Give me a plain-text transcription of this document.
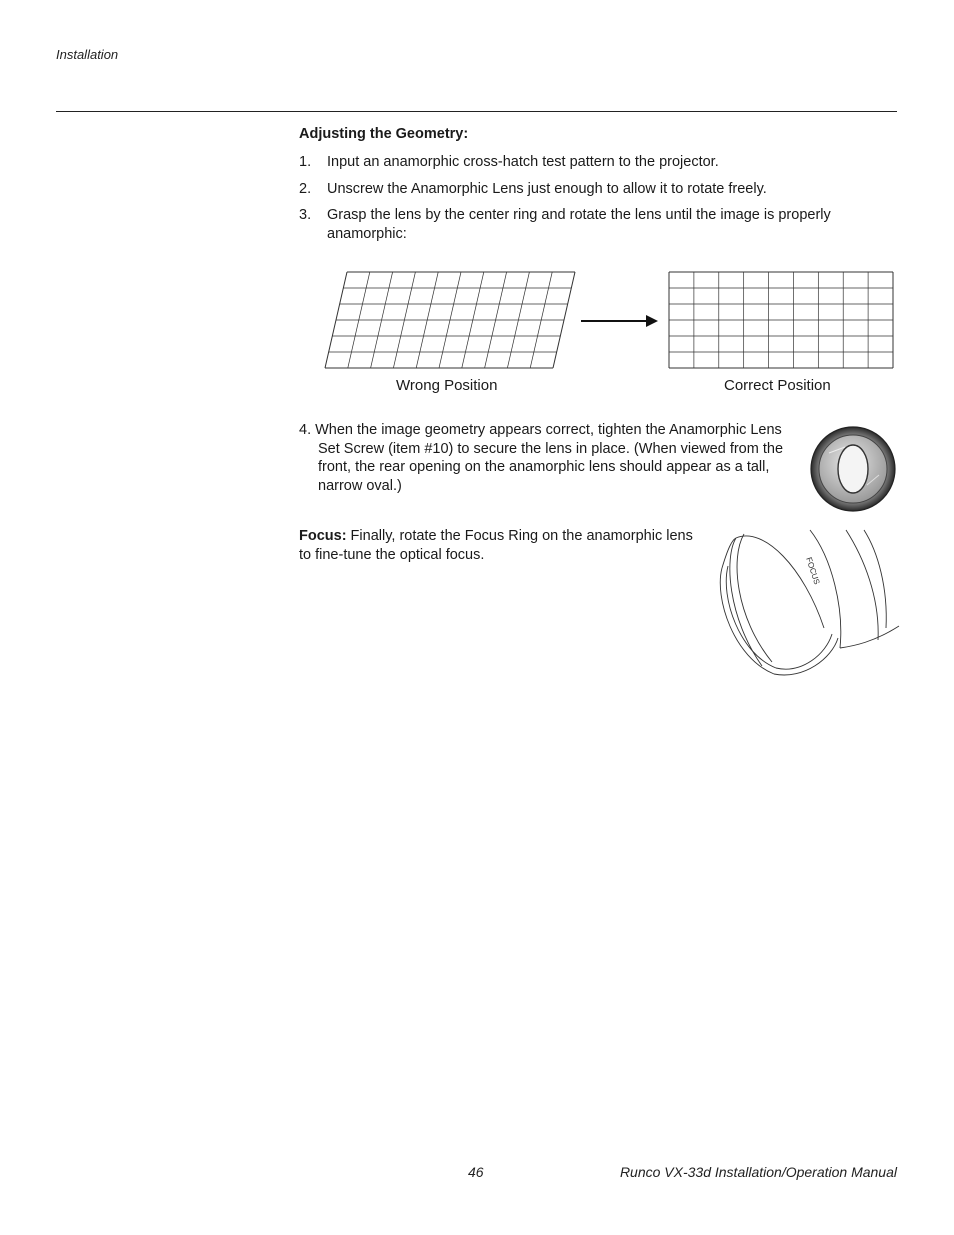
Installation
Adjusting the Geometry:
1. Input an anamorphic cross-hatch test pattern to the projector.
2. Unscrew the Anamorphic Lens just enough to allow it to rotate freely.
3. Grasp the lens by the center ring and rotate the lens until the image is properly anamorphic:
Wrong Position	Correct Position
4. When the image geometry appears correct, tighten the Anamorphic Lens Set Screw (item #10) to secure the lens in place. (When viewed from the front, the rear opening on the anamorphic lens should appear as a tall, narrow oval.)
Focus: Finally, rotate the Focus Ring on the anamorphic lens to fine-tune the optical focus.
FOCUS
46	Runco VX-33d Installation/Operation Manual
